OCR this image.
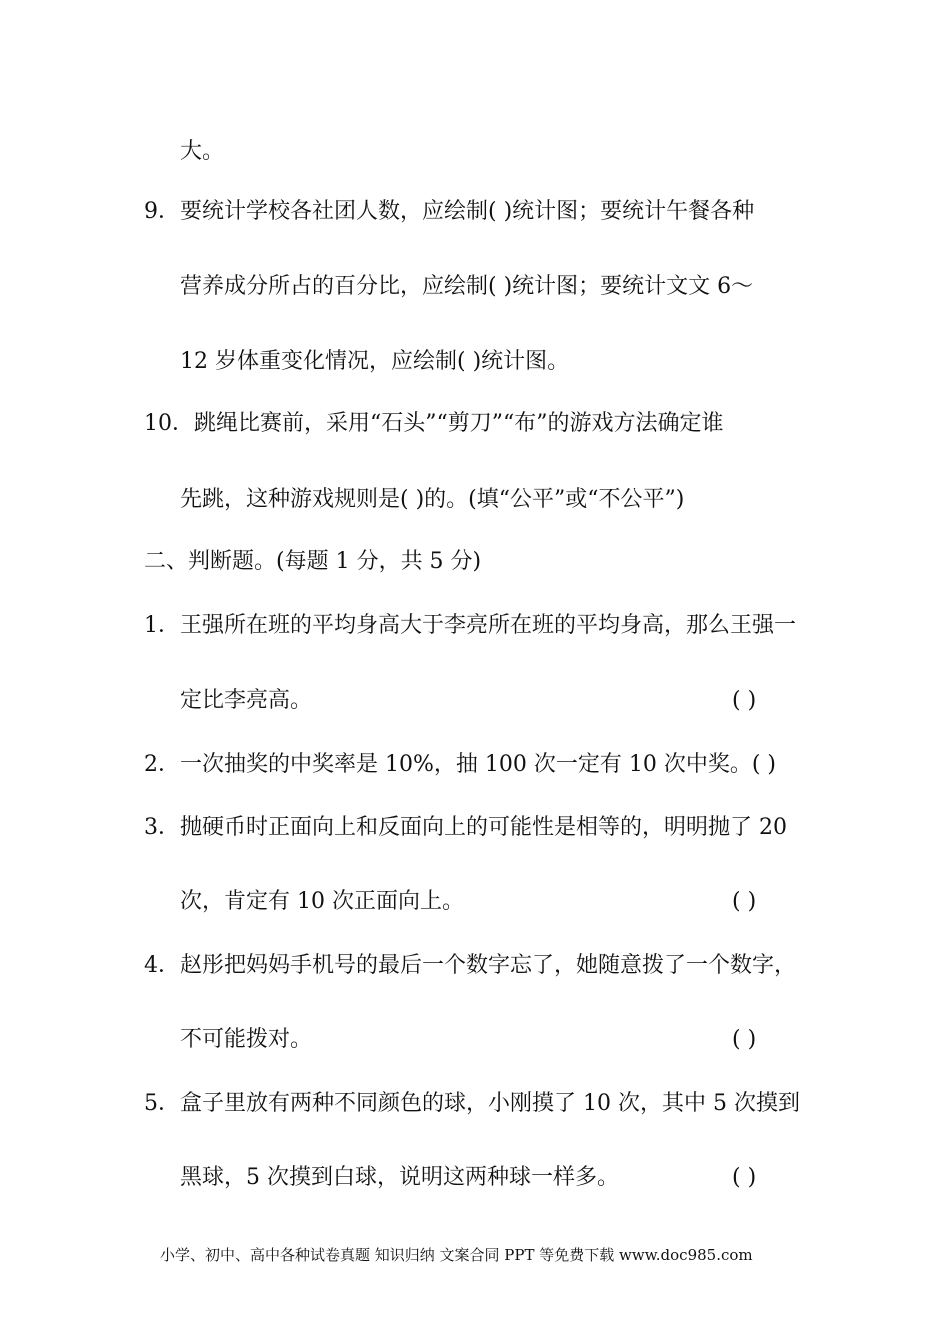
大。
9．要统计学校各社团人数，应绘制( )统计图；要统计午餐各种
营养成分所占的百分比，应绘制( )统计图；要统计文文 6～
12 岁体重变化情况，应绘制( )统计图。
10．跳绳比赛前，采用“石头”“剪刀”“布”的游戏方法确定谁
先跳，这种游戏规则是( )的。(填“公平”或“不公平”)
二、判断题。(每题 1 分，共 5 分)
1．王强所在班的平均身高大于李亮所在班的平均身高，那么王强一
定比李亮高。	( )
2．一次抽奖的中奖率是 10%，抽 100 次一定有 10 次中奖。( )
3．抛硬币时正面向上和反面向上的可能性是相等的，明明抛了 20
次，肯定有 10 次正面向上。	( )
4．赵彤把妈妈手机号的最后一个数字忘了，她随意拨了一个数字，
不可能拨对。	( )
5．盒子里放有两种不同颜色的球，小刚摸了 10 次，其中 5 次摸到
黑球，5 次摸到白球，说明这两种球一样多。	( )
小学、初中、高中各种试卷真题 知识归纳 文案合同 PPT 等免费下载 www.doc985.com
